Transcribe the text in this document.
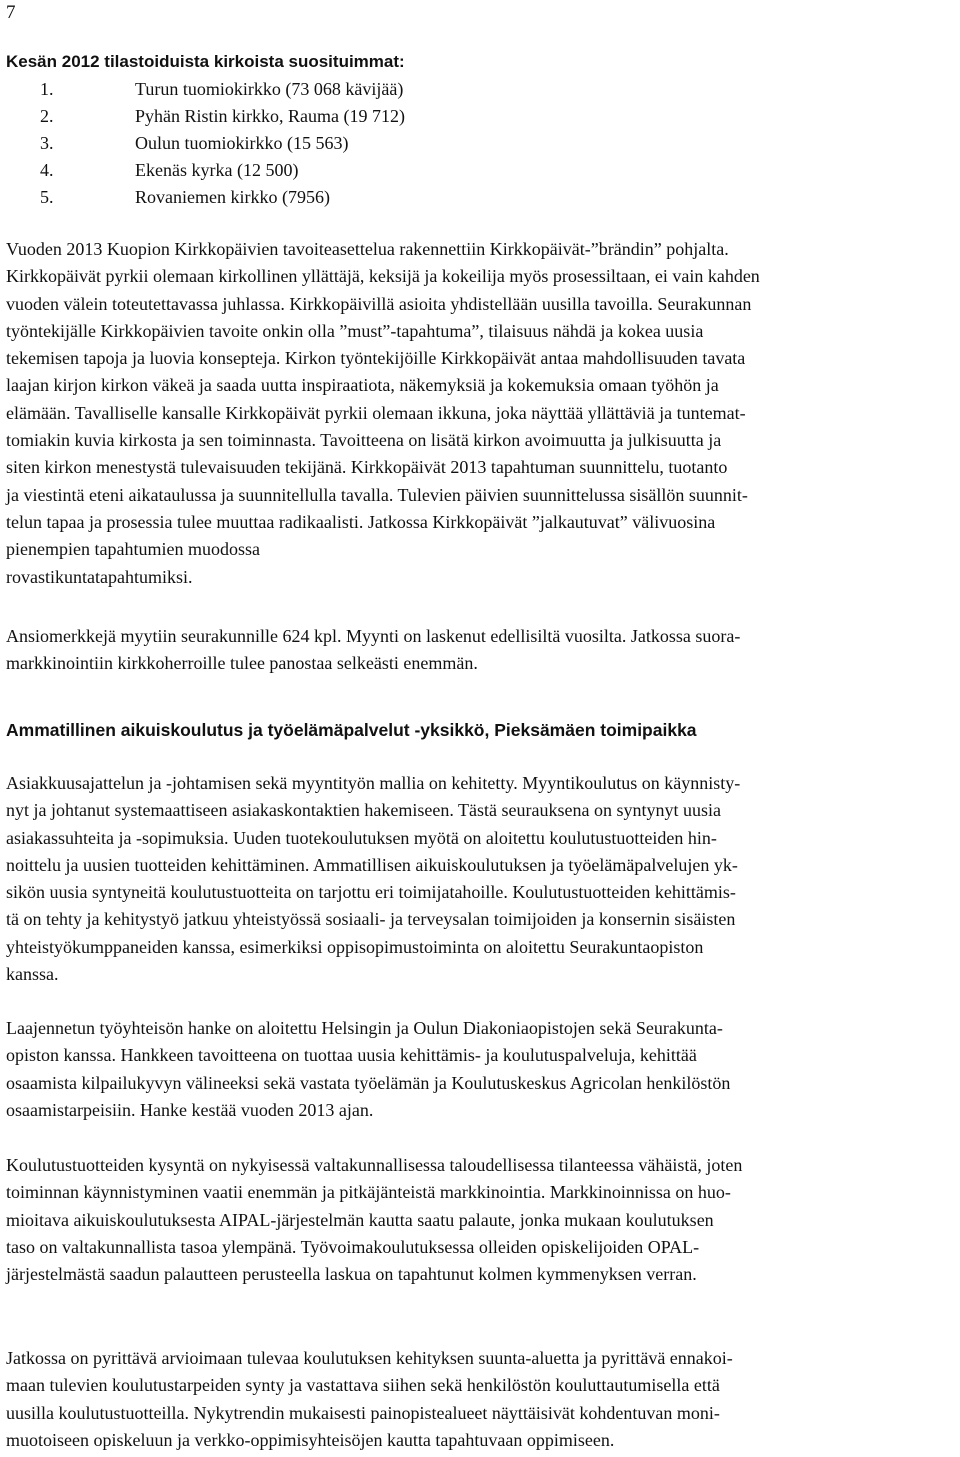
7
Kesän 2012 tilastoiduista kirkoista suosituimmat:
1.	Turun tuomiokirkko (73 068 kävijää)
2.	Pyhän Ristin kirkko, Rauma (19 712)
3.	Oulun tuomiokirkko (15 563)
4.	Ekenäs kyrka (12 500)
5.	Rovaniemen kirkko (7956)

Vuoden 2013 Kuopion Kirkkopäivien tavoiteasettelua rakennettiin Kirkkopäivät-”brändin” pohjalta.
Kirkkopäivät pyrkii olemaan kirkollinen yllättäjä, keksijä ja kokeilija myös prosessiltaan, ei vain kahden
vuoden välein toteutettavassa juhlassa. Kirkkopäivillä asioita yhdistellään uusilla tavoilla. Seurakunnan
työntekijälle Kirkkopäivien tavoite onkin olla ”must”-tapahtuma”, tilaisuus nähdä ja kokea uusia
tekemisen tapoja ja luovia konsepteja. Kirkon työntekijöille Kirkkopäivät antaa mahdollisuuden tavata
laajan kirjon kirkon väkeä ja saada uutta inspiraatiota, näkemyksiä ja kokemuksia omaan työhön ja
elämään. Tavalliselle kansalle Kirkkopäivät pyrkii olemaan ikkuna, joka näyttää yllättäviä ja tuntemat-
tomiakin kuvia kirkosta ja sen toiminnasta. Tavoitteena on lisätä kirkon avoimuutta ja julkisuutta ja
siten kirkon menestystä tulevaisuuden tekijänä. Kirkkopäivät 2013 tapahtuman suunnittelu, tuotanto
ja viestintä eteni aikataulussa ja suunnitellulla tavalla. Tulevien päivien suunnittelussa sisällön suunnit-
telun tapaa ja prosessia tulee muuttaa radikaalisti. Jatkossa Kirkkopäivät ”jalkautuvat” välivuosina
pienempien tapahtumien muodossa
rovastikuntatapahtumiksi.

Ansiomerkkejä myytiin seurakunnille 624 kpl. Myynti on laskenut edellisiltä vuosilta. Jatkossa suora-
markkinointiin kirkkoherroille tulee panostaa selkeästi enemmän.

Ammatillinen aikuiskoulutus ja työelämäpalvelut -yksikkö, Pieksämäen toimipaikka

Asiakkuusajattelun ja -johtamisen sekä myyntityön mallia on kehitetty. Myyntikoulutus on käynnisty-
nyt ja johtanut systemaattiseen asiakaskontaktien hakemiseen. Tästä seurauksena on syntynyt uusia
asiakassuhteita ja -sopimuksia. Uuden tuotekoulutuksen myötä on aloitettu koulutustuotteiden hin-
noittelu ja uusien tuotteiden kehittäminen. Ammatillisen aikuiskoulutuksen ja työelämäpalvelujen yk-
sikön uusia syntyneitä koulutustuotteita on tarjottu eri toimijatahoille. Koulutustuotteiden kehittämis-
tä on tehty ja kehitystyö jatkuu yhteistyössä sosiaali- ja terveysalan toimijoiden ja konsernin sisäisten
yhteistyökumppaneiden kanssa, esimerkiksi oppisopimustoiminta on aloitettu Seurakuntaopiston
kanssa.

Laajennetun työyhteisön hanke on aloitettu Helsingin ja Oulun Diakoniaopistojen sekä Seurakunta-
opiston kanssa. Hankkeen tavoitteena on tuottaa uusia kehittämis- ja koulutuspalveluja, kehittää
osaamista kilpailukyvyn välineeksi sekä vastata työelämän ja Koulutuskeskus Agricolan henkilöstön
osaamistarpeisiin. Hanke kestää vuoden 2013 ajan.

Koulutustuotteiden kysyntä on nykyisessä valtakunnallisessa taloudellisessa tilanteessa vähäistä, joten
toiminnan käynnistyminen vaatii enemmän ja pitkäjänteistä markkinointia. Markkinoinnissa on huo-
mioitava aikuiskoulutuksesta AIPAL-järjestelmän kautta saatu palaute, jonka mukaan koulutuksen
taso on valtakunnallista tasoa ylempänä. Työvoimakoulutuksessa olleiden opiskelijoiden OPAL-
järjestelmästä saadun palautteen perusteella laskua on tapahtunut kolmen kymmenyksen verran.

Jatkossa on pyrittävä arvioimaan tulevaa koulutuksen kehityksen suunta-aluetta ja pyrittävä ennakoi-
maan tulevien koulutustarpeiden synty ja vastattava siihen sekä henkilöstön kouluttautumisella että
uusilla koulutustuotteilla. Nykytrendin mukaisesti painopistealueet näyttäisivät kohdentuvan moni-
muotoiseen opiskeluun ja verkko-oppimisyhteisöjen kautta tapahtuvaan oppimiseen.
